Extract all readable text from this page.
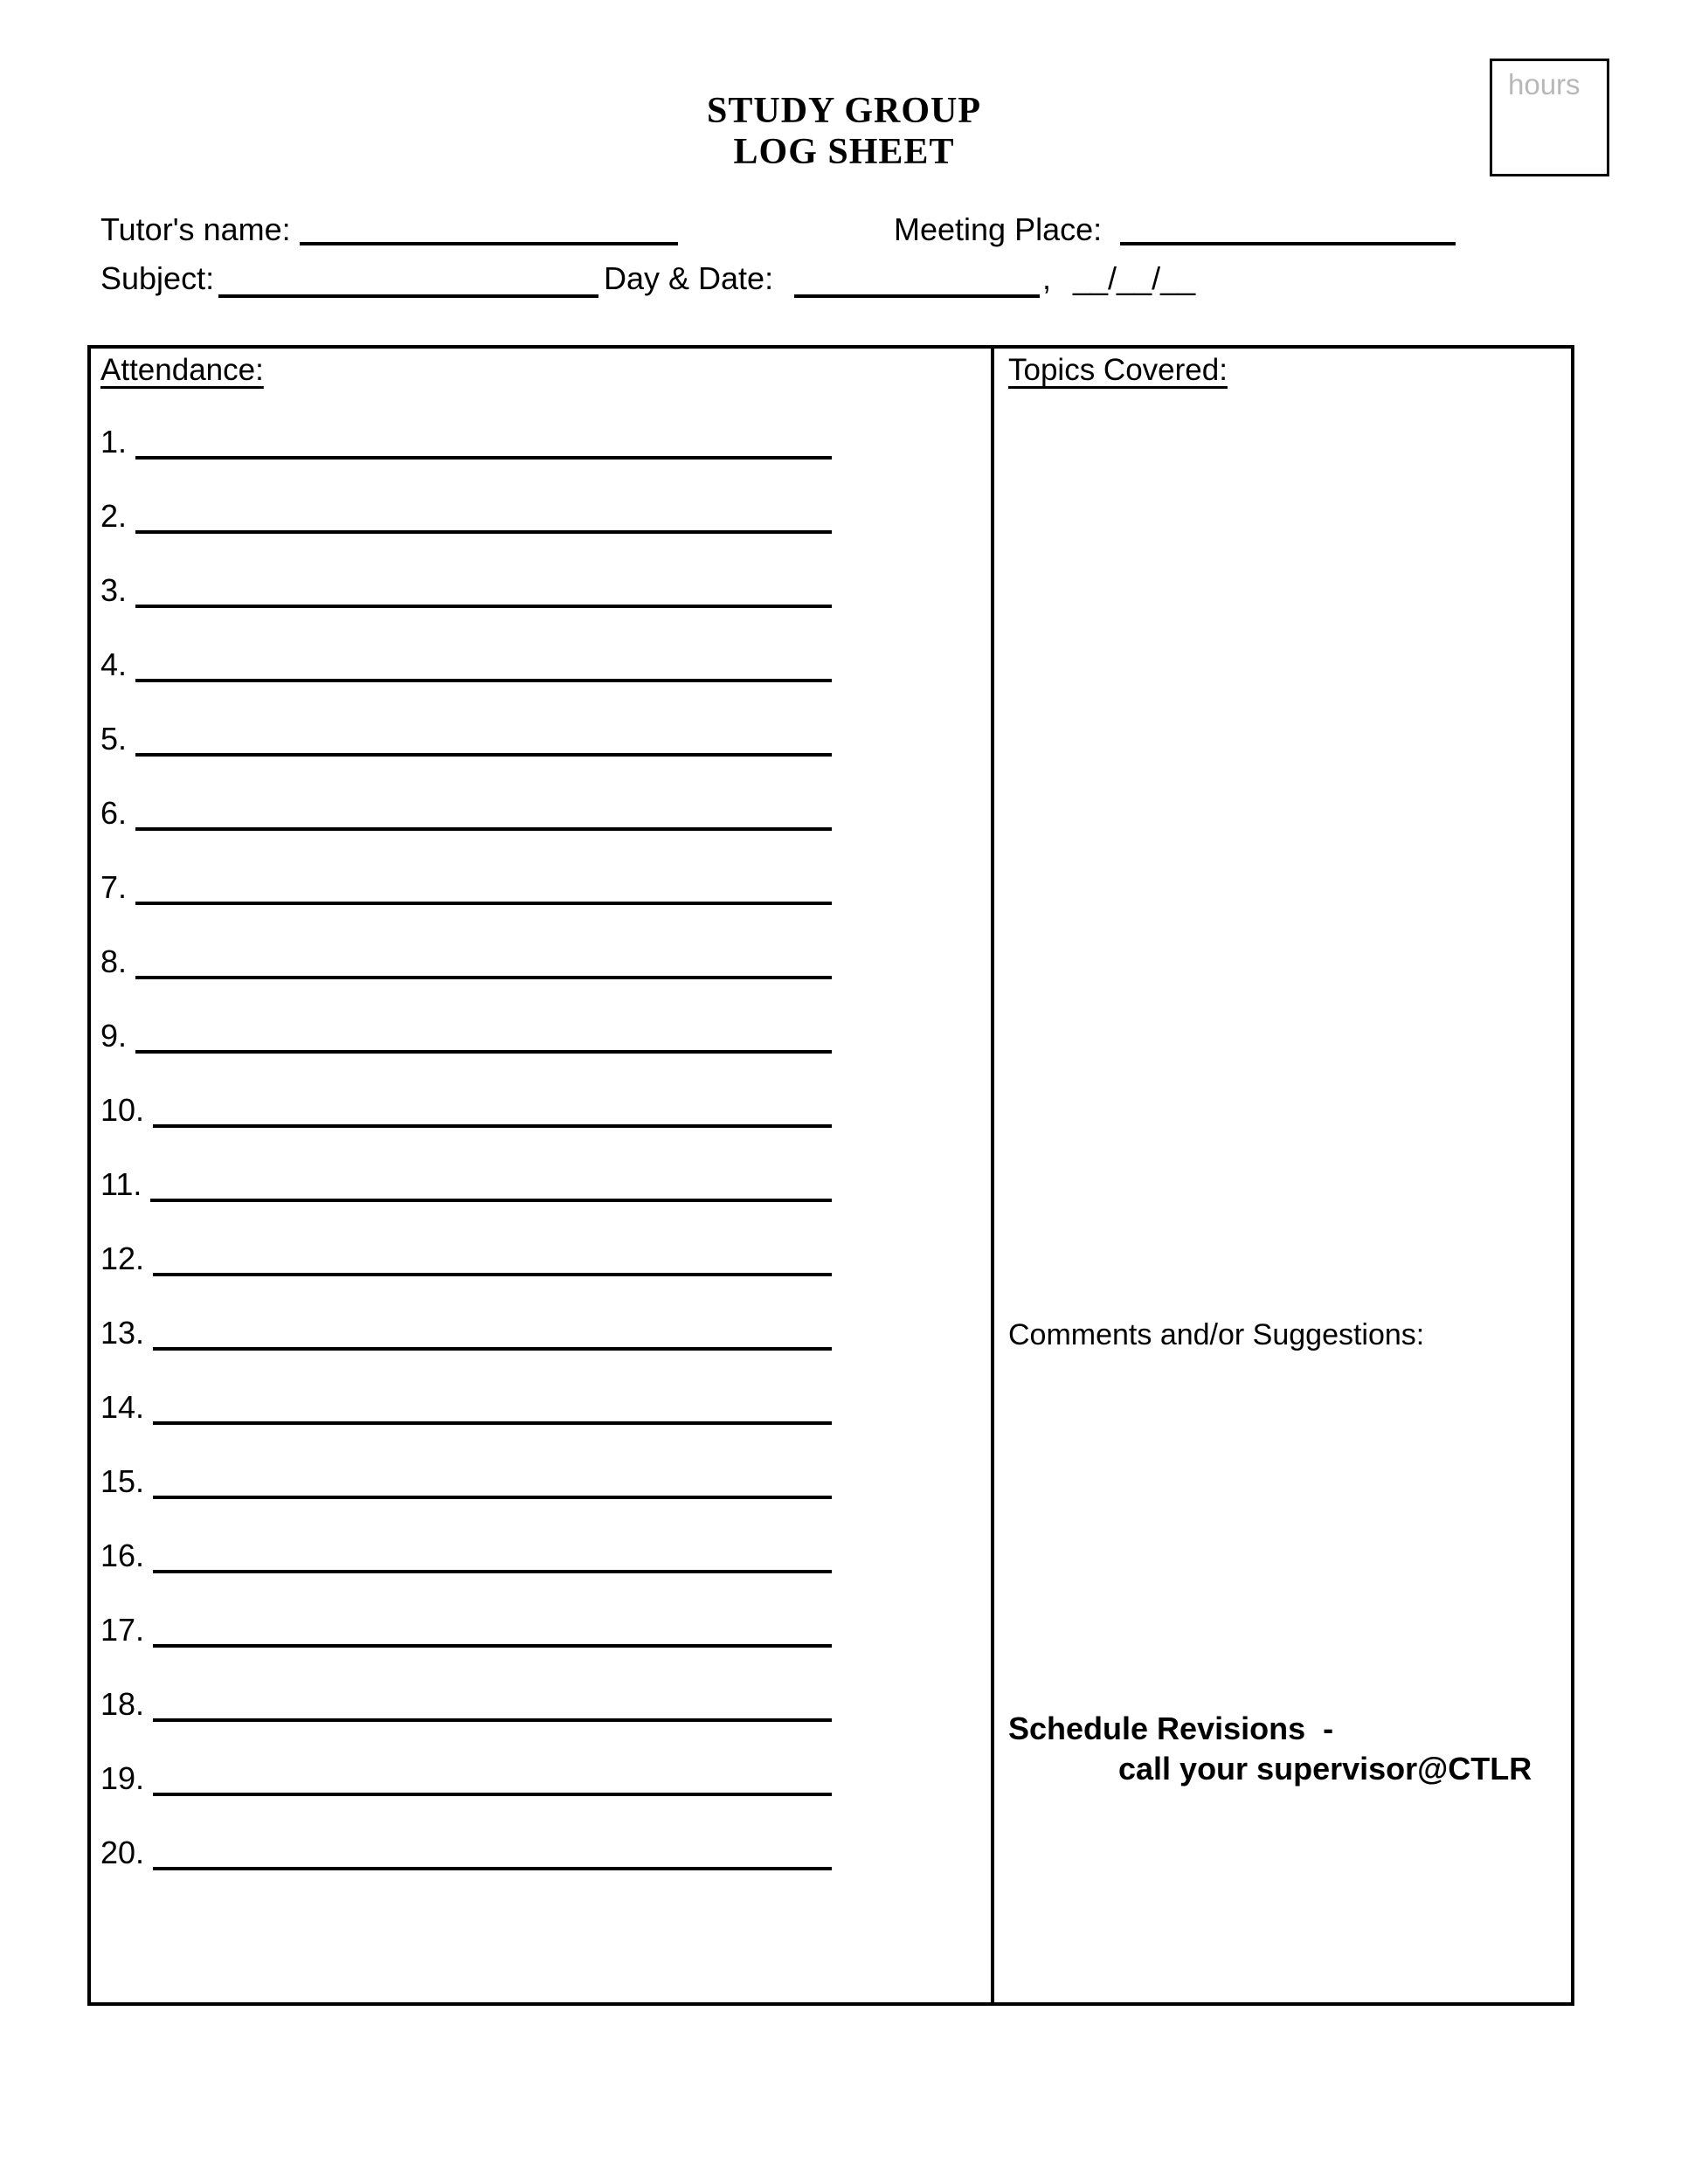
STUDY GROUP
LOG SHEET
hours
Tutor's name:	Meeting Place:
Subject:	Day & Date:	, __/__/__
Attendance:
1.
2.
3.
4.
5.
6.
7.
8.
9.
10.
11.
12.
13.
14.
15.
16.
17.
18.
19.
20.
Topics Covered:
Comments and/or Suggestions:
Schedule Revisions  -
call your supervisor@CTLR
